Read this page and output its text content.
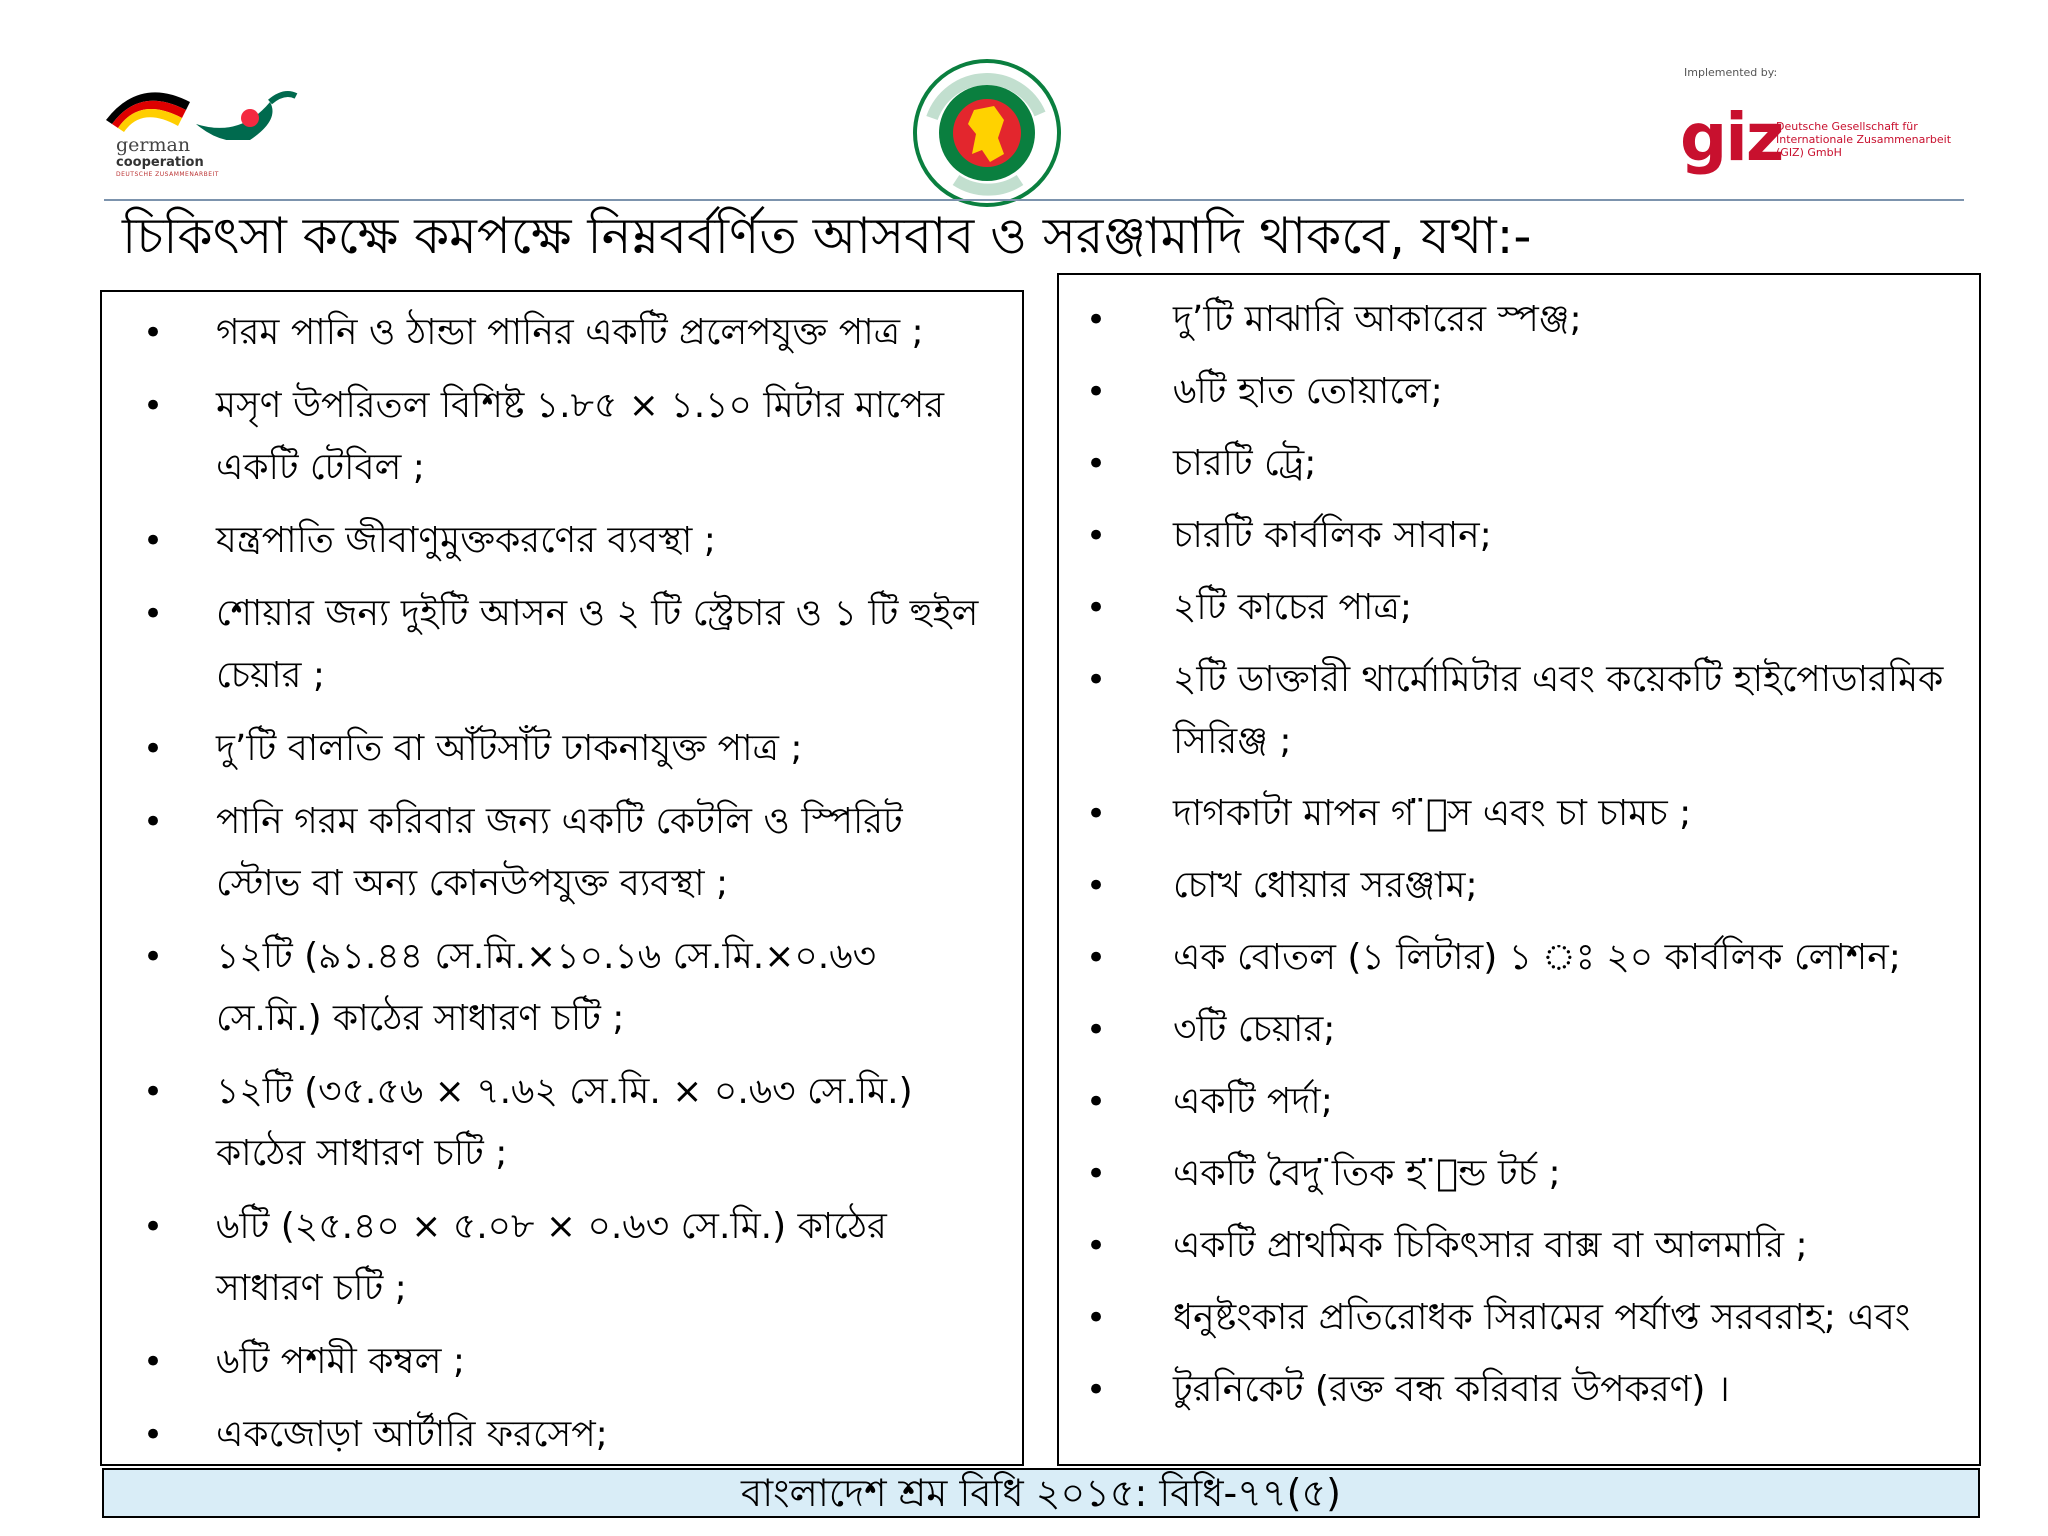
german
cooperation
DEUTSCHE ZUSAMMENARBEIT
Implemented by:
giz
Deutsche Gesellschaft für Internationale Zusammenarbeit (GIZ) GmbH
চিকিৎসা কক্ষে কমপক্ষে নিম্নবর্বর্ণিত আসবাব ও সরঞ্জামাদি থাকবে, যথা:-
•	গরম পানি ও ঠান্ডা পানির একটি প্রলেপযুক্ত পাত্র ;
•	মসৃণ উপরিতল বিশিষ্ট ১.৮৫ × ১.১০ মিটার মাপের একটি টেবিল ;
•	যন্ত্রপাতি জীবাণুমুক্তকরণের ব্যবস্থা ;
•	শোয়ার জন্য দুইটি আসন ও ২ টি স্ট্রেচার ও ১ টি হুইল চেয়ার ;
•	দু’টি বালতি বা আঁটসাঁট ঢাকনাযুক্ত পাত্র ;
•	পানি গরম করিবার জন্য একটি কেটলি ও স্পিরিট স্টোভ বা অন্য কোনউপযুক্ত ব্যবস্থা ;
•	১২টি (৯১.৪৪ সে.মি.×১০.১৬ সে.মি.×০.৬৩ সে.মি.) কাঠের সাধারণ চটি ;
•	১২টি (৩৫.৫৬ × ৭.৬২ সে.মি. × ০.৬৩ সে.মি.) কাঠের সাধারণ চটি ;
•	৬টি (২৫.৪০ × ৫.০৮ × ০.৬৩ সে.মি.) কাঠের সাধারণ চটি ;
•	৬টি পশমী কম্বল ;
•	একজোড়া আর্টারি ফরসেপ;
•	দু’টি মাঝারি আকারের স্পঞ্জ;
•	৬টি হাত তোয়ালে;
•	চারটি ট্রে;
•	চারটি কার্বলিক সাবান;
•	২টি কাচের পাত্র;
•	২টি ডাক্তারী থার্মোমিটার এবং কয়েকটি হাইপোডারমিক সিরিঞ্জ ;
•	দাগকাটা মাপন গ ̈াস এবং চা চামচ ;
•	চোখ ধোয়ার সরঞ্জাম;
•	এক বোতল (১ লিটার) ১ ঃ ২০ কার্বলিক লোশন;
•	৩টি চেয়ার;
•	একটি পর্দা;
•	একটি বৈদু ̈তিক হ ̈ান্ড টর্চ ;
•	একটি প্রাথমিক চিকিৎসার বাক্স বা আলমারি ;
•	ধনুষ্টংকার প্রতিরোধক সিরামের পর্যাপ্ত সরবরাহ; এবং
•	টুরনিকেট (রক্ত বন্ধ করিবার উপকরণ) ।
বাংলাদেশ শ্রম বিধি ২০১৫: বিধি-৭৭(৫)
